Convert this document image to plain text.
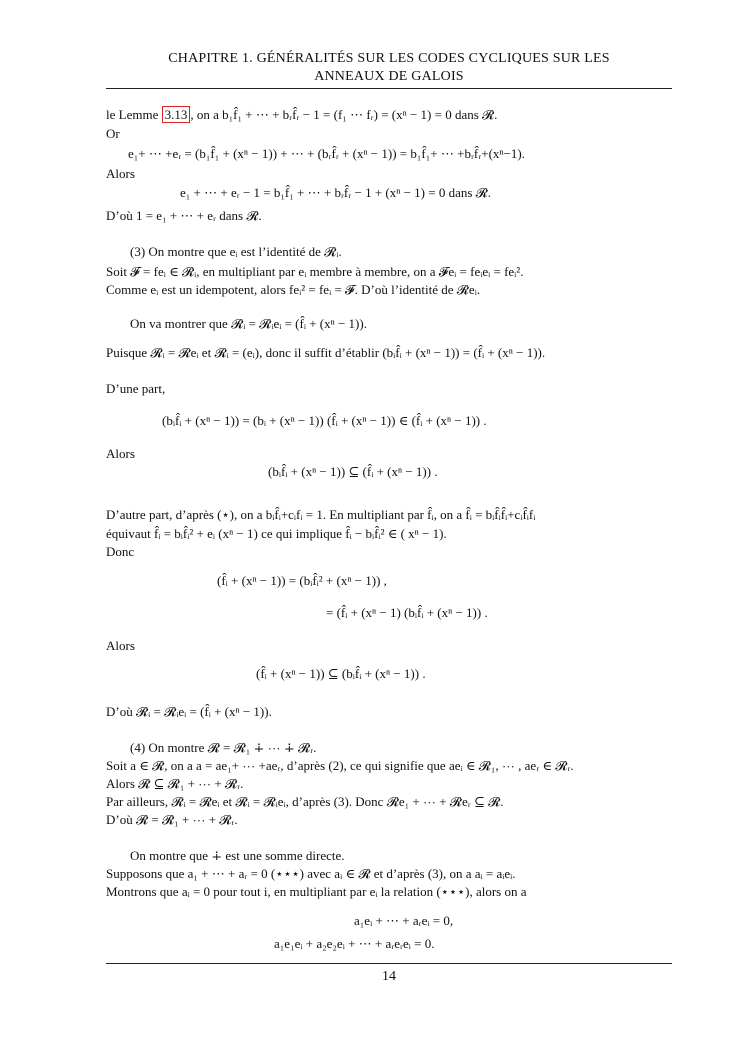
CHAPITRE 1. GÉNÉRALITÉS SUR LES CODES CYCLIQUES SUR LES
ANNEAUX DE GALOIS
le Lemme 3.13 , on a b₁f̂₁ + ⋯ + bᵣf̂ᵣ − 1 = (f₁ ⋯ fᵣ) = (xⁿ − 1) = 0 dans 𝓡.
Or
e₁+ ⋯ +eᵣ = (b₁f̂₁ + (xⁿ − 1)) + ⋯ + (bᵣf̂ᵣ + (xⁿ − 1)) = b₁f̂₁+ ⋯ +bᵣf̂ᵣ+(xⁿ−1).
Alors
e₁ + ⋯ + eᵣ − 1 = b₁f̂₁ + ⋯ + bᵣf̂ᵣ − 1 + (xⁿ − 1) = 0 dans 𝓡.
D’où 1 = e₁ + ⋯ + eᵣ dans 𝓡.
(3) On montre que eᵢ est l’identité de 𝓡ᵢ.
Soit 𝓕 = feᵢ ∈ 𝓡ᵢ, en multipliant par eᵢ membre à membre, on a 𝓕eᵢ = feᵢeᵢ = feᵢ².
Comme eᵢ est un idempotent, alors feᵢ² = feᵢ = 𝓕. D’où l’identité de 𝓡eᵢ.
On va montrer que 𝓡ᵢ = 𝓡ᵢeᵢ = (f̂ᵢ + (xⁿ − 1)).
Puisque 𝓡ᵢ = 𝓡eᵢ et 𝓡ᵢ = (eᵢ), donc il suffit d’établir (bᵢf̂ᵢ + (xⁿ − 1)) = (f̂ᵢ + (xⁿ − 1)).
D’une part,
(bᵢf̂ᵢ + (xⁿ − 1)) = (bᵢ + (xⁿ − 1)) (f̂ᵢ + (xⁿ − 1)) ∈ (f̂ᵢ + (xⁿ − 1)) .
Alors
(bᵢf̂ᵢ + (xⁿ − 1)) ⊆ (f̂ᵢ + (xⁿ − 1)) .
D’autre part, d’après (⋆), on a bᵢf̂ᵢ+cᵢfᵢ = 1. En multipliant par f̂ᵢ, on a f̂ᵢ = bᵢf̂ᵢf̂ᵢ+cᵢf̂ᵢfᵢ
équivaut f̂ᵢ = bᵢf̂ᵢ² + eᵢ (xⁿ − 1) ce qui implique f̂ᵢ − bᵢf̂ᵢ² ∈ ( xⁿ − 1).
Donc
(f̂ᵢ + (xⁿ − 1)) = (bᵢf̂ᵢ² + (xⁿ − 1)) ,
= (f̂ᵢ + (xⁿ − 1) (bᵢf̂ᵢ + (xⁿ − 1)) .
Alors
(f̂ᵢ + (xⁿ − 1)) ⊆ (bᵢf̂ᵢ + (xⁿ − 1)) .
D’où 𝓡ᵢ = 𝓡ᵢeᵢ = (f̂ᵢ + (xⁿ − 1)).
(4) On montre 𝓡 = 𝓡₁ ∔ ⋯ ∔ 𝓡ᵣ.
Soit a ∈ 𝓡, on a a = ae₁+ ⋯ +aeᵣ, d’après (2), ce qui signifie que aeᵢ ∈ 𝓡₁, ⋯ , aeᵣ ∈ 𝓡ᵣ.
Alors 𝓡 ⊆ 𝓡₁ + ⋯ + 𝓡ᵣ.
Par ailleurs, 𝓡ᵢ = 𝓡eᵢ et 𝓡ᵢ = 𝓡ᵢeᵢ, d’après (3). Donc 𝓡e₁ + ⋯ + 𝓡eᵣ ⊆ 𝓡.
D’où 𝓡 = 𝓡₁ + ⋯ + 𝓡ᵣ.
On montre que ∔ est une somme directe.
Supposons que a₁ + ⋯ + aᵣ = 0 (⋆⋆⋆) avec aᵢ ∈ 𝓡 et d’après (3), on a aᵢ = aᵢeᵢ.
Montrons que aᵢ = 0 pour tout i, en multipliant par eᵢ la relation (⋆⋆⋆), alors on a
a₁eᵢ + ⋯ + aᵣeᵢ = 0,
a₁e₁eᵢ + a₂e₂eᵢ + ⋯ + aᵣeᵣeᵢ = 0.
14
